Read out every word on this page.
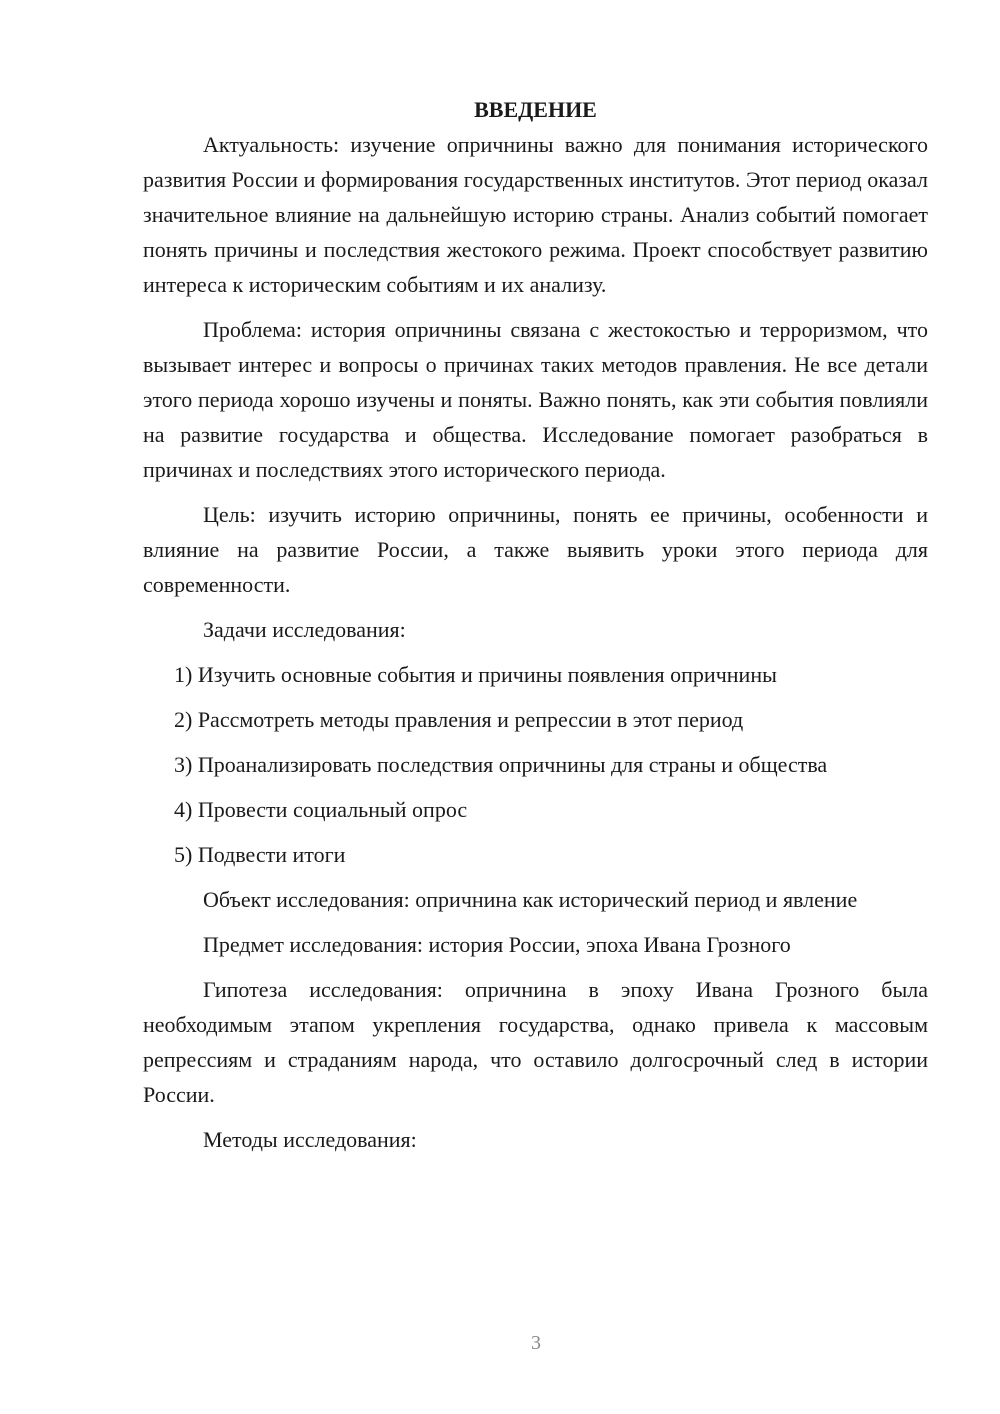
ВВЕДЕНИЕ

Актуальность: изучение опричнины важно для понимания исторического развития России и формирования государственных институтов. Этот период оказал значительное влияние на дальнейшую историю страны. Анализ событий помогает понять причины и последствия жестокого режима. Проект способствует развитию интереса к историческим событиям и их анализу.

Проблема: история опричнины связана с жестокостью и терроризмом, что вызывает интерес и вопросы о причинах таких методов правления. Не все детали этого периода хорошо изучены и поняты. Важно понять, как эти события повлияли на развитие государства и общества. Исследование помогает разобраться в причинах и последствиях этого исторического периода.

Цель: изучить историю опричнины, понять ее причины, особенности и влияние на развитие России, а также выявить уроки этого периода для современности.

Задачи исследования:

1) Изучить основные события и причины появления опричнины
2) Рассмотреть методы правления и репрессии в этот период
3) Проанализировать последствия опричнины для страны и общества
4) Провести социальный опрос
5) Подвести итоги

Объект исследования: опричнина как исторический период и явление

Предмет исследования: история России, эпоха Ивана Грозного

Гипотеза исследования: опричнина в эпоху Ивана Грозного была необходимым этапом укрепления государства, однако привела к массовым репрессиям и страданиям народа, что оставило долгосрочный след в истории России.

Методы исследования:

3
